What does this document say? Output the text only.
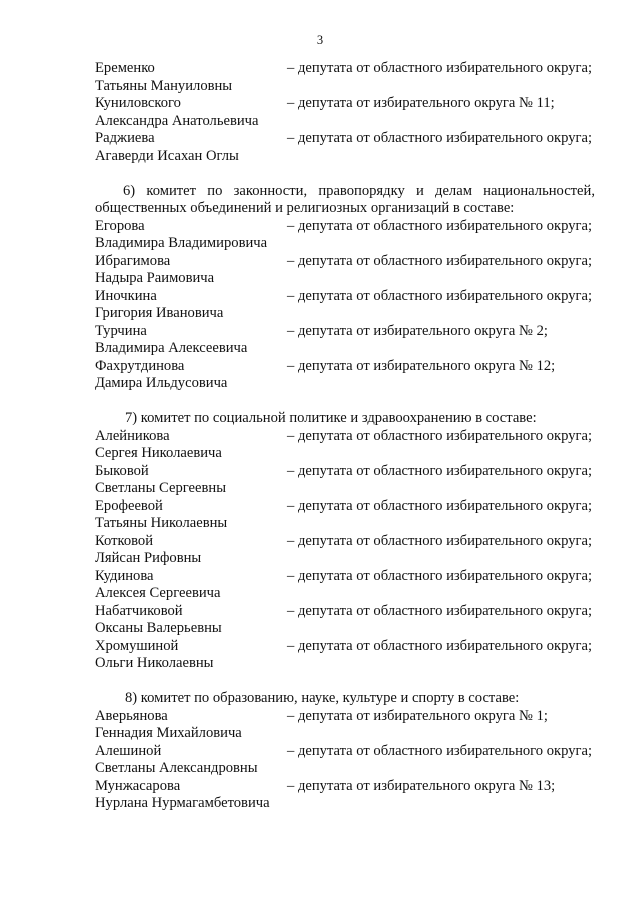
3
Еременко	– депутата от областного избирательного округа;
Татьяны Мануиловны
Куниловского	– депутата от избирательного округа № 11;
Александра Анатольевича
Раджиева	– депутата от областного избирательного округа;
Агаверди Исахан Оглы
6) комитет по законности, правопорядку и делам национальностей, общественных объединений и религиозных организаций в составе:
Егорова	– депутата от областного избирательного округа;
Владимира Владимировича
Ибрагимова	– депутата от областного избирательного округа;
Надыра Раимовича
Иночкина	– депутата от областного избирательного округа;
Григория Ивановича
Турчина	– депутата от избирательного округа № 2;
Владимира Алексеевича
Фахрутдинова	– депутата от избирательного округа № 12;
Дамира Ильдусовича
7) комитет по социальной политике и здравоохранению в составе:
Алейникова	– депутата от областного избирательного округа;
Сергея Николаевича
Быковой	– депутата от областного избирательного округа;
Светланы Сергеевны
Ерофеевой	– депутата от областного избирательного округа;
Татьяны Николаевны
Котковой	– депутата от областного избирательного округа;
Ляйсан Рифовны
Кудинова	– депутата от областного избирательного округа;
Алексея Сергеевича
Набатчиковой	– депутата от областного избирательного округа;
Оксаны Валерьевны
Хромушиной	– депутата от областного избирательного округа;
Ольги Николаевны
8) комитет по образованию, науке, культуре и спорту в составе:
Аверьянова	– депутата от избирательного округа № 1;
Геннадия Михайловича
Алешиной	– депутата от областного избирательного округа;
Светланы Александровны
Мунжасарова	– депутата от избирательного округа № 13;
Нурлана Нурмагамбетовича
